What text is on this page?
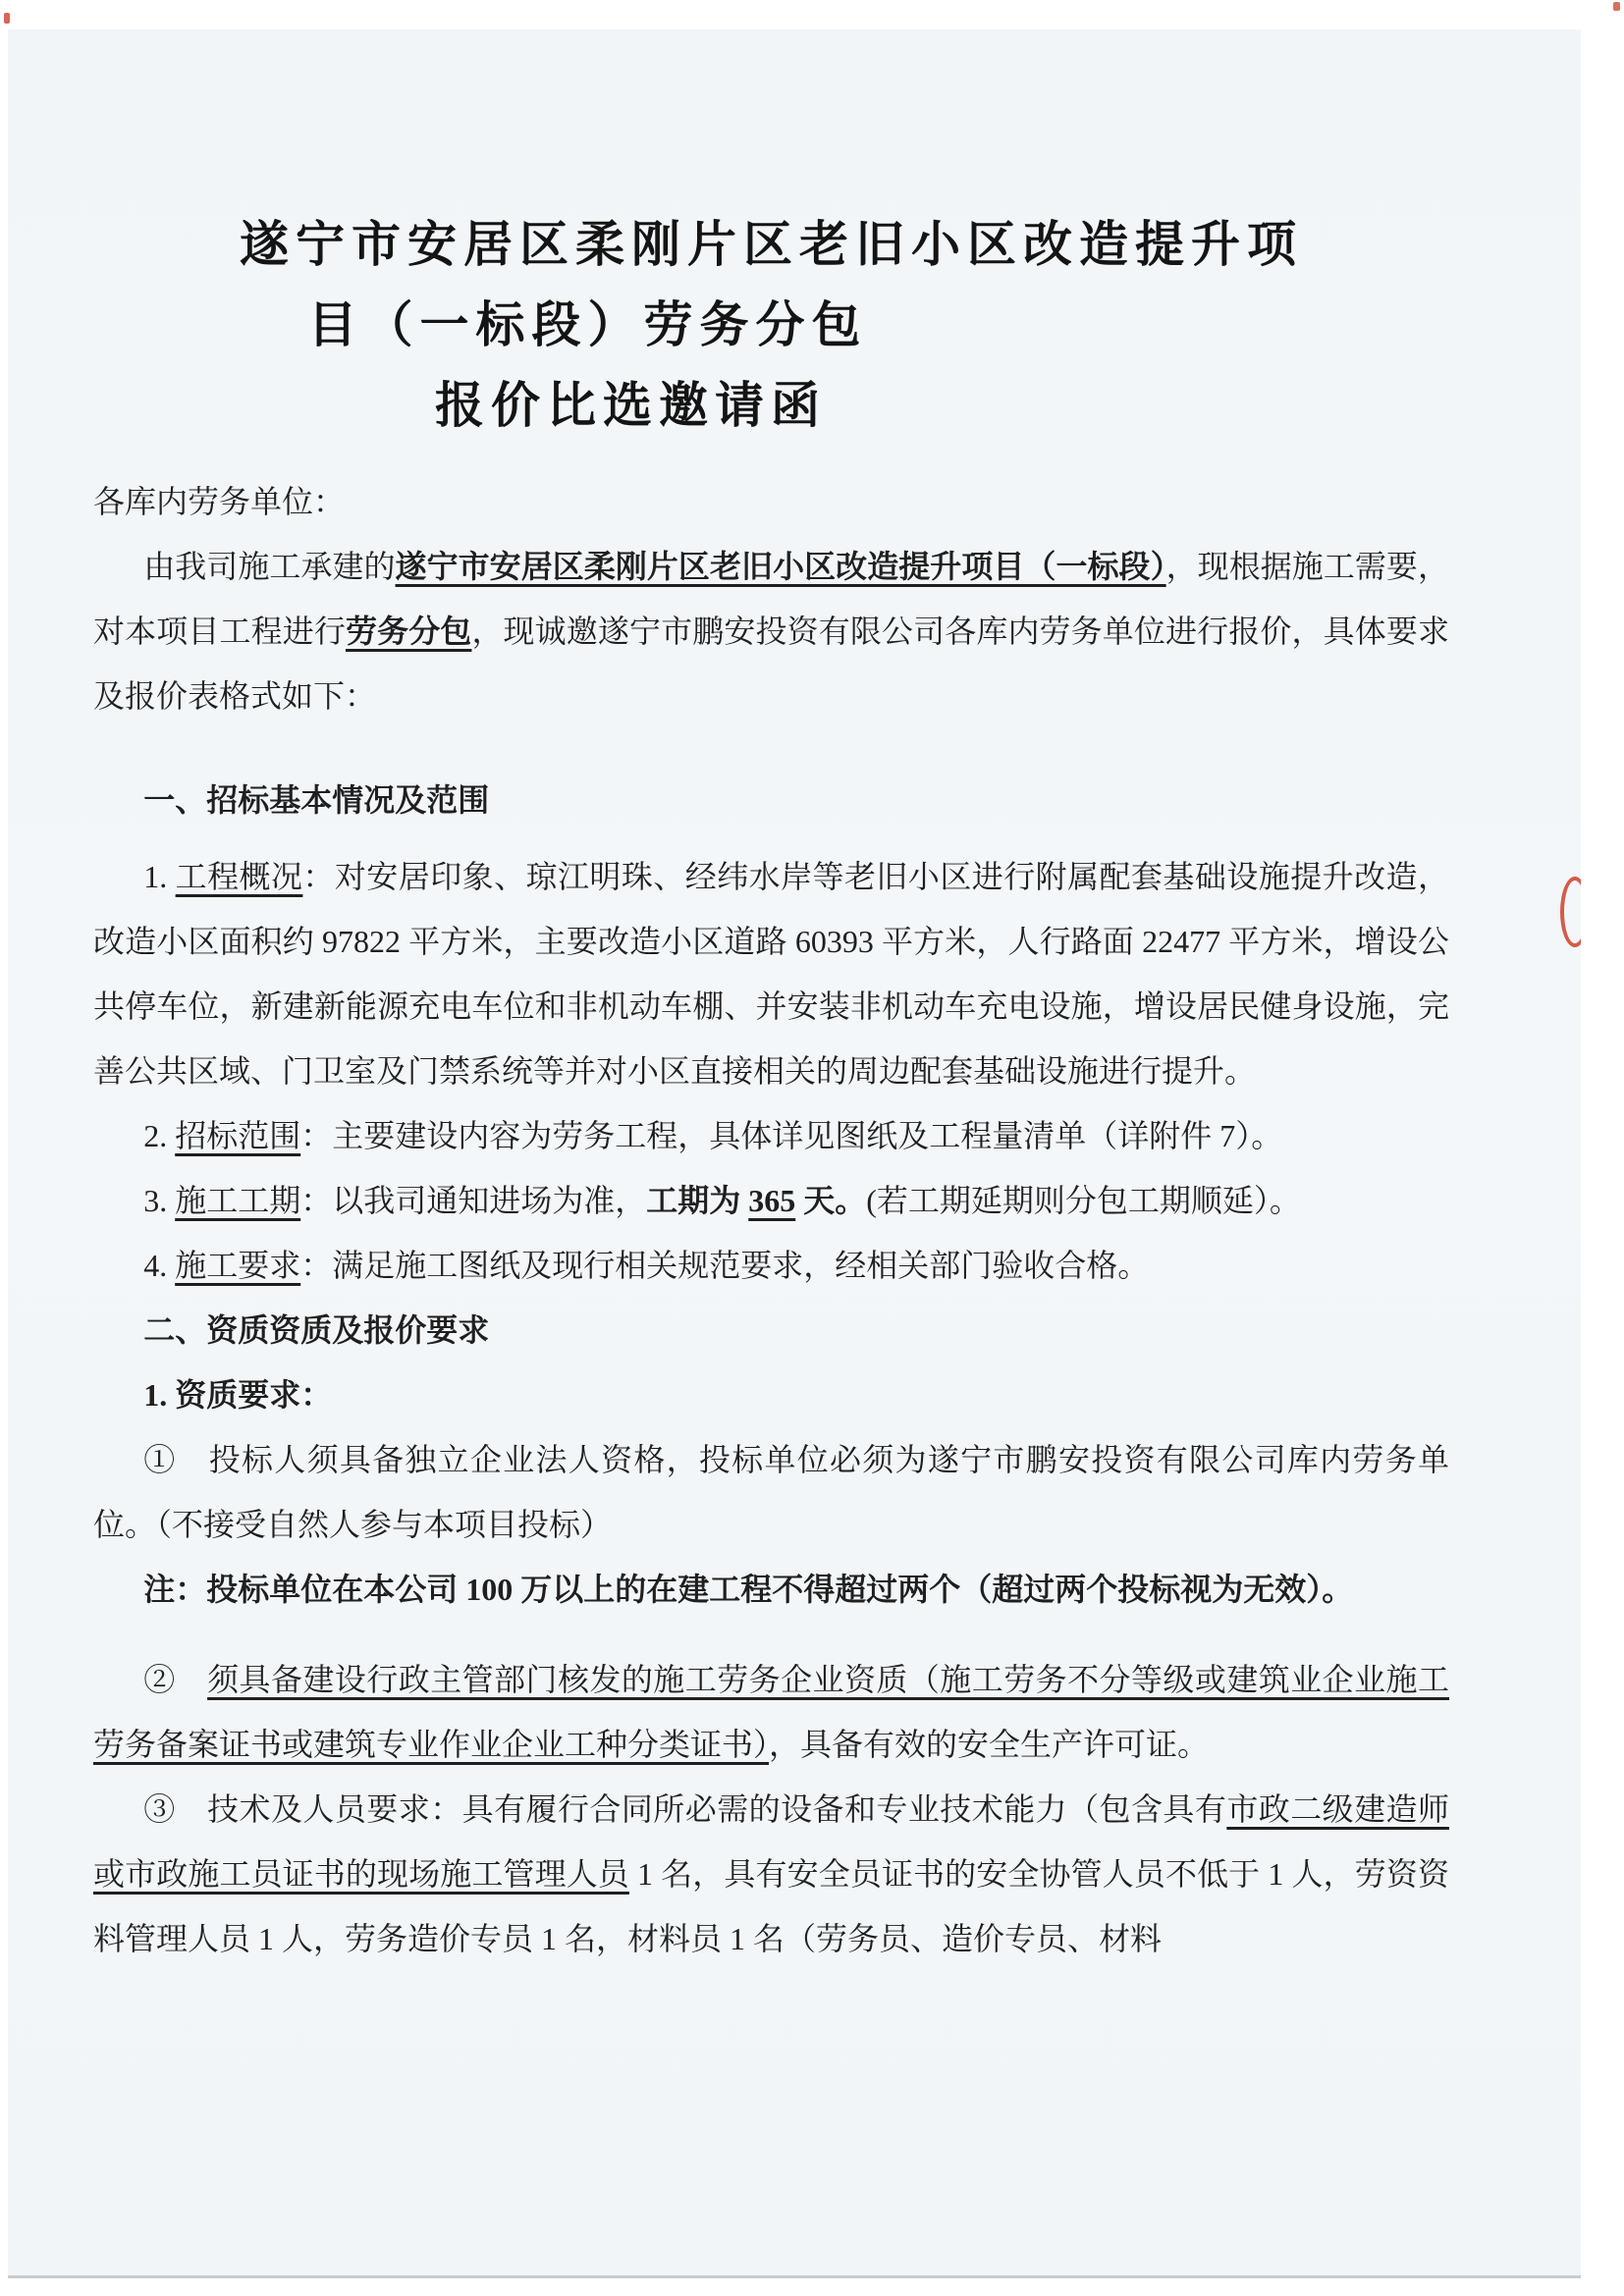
遂宁市安居区柔刚片区老旧小区改造提升项
目（一标段）劳务分包
报价比选邀请函

各库内劳务单位：

由我司施工承建的遂宁市安居区柔刚片区老旧小区改造提升项目（一标段），现根据施工需要，对本项目工程进行劳务分包，现诚邀遂宁市鹏安投资有限公司各库内劳务单位进行报价，具体要求及报价表格式如下：

一、招标基本情况及范围

1. 工程概况：对安居印象、琼江明珠、经纬水岸等老旧小区进行附属配套基础设施提升改造，改造小区面积约 97822 平方米，主要改造小区道路 60393 平方米，人行路面 22477 平方米，增设公共停车位，新建新能源充电车位和非机动车棚、并安装非机动车充电设施，增设居民健身设施，完善公共区域、门卫室及门禁系统等并对小区直接相关的周边配套基础设施进行提升。

2. 招标范围：主要建设内容为劳务工程，具体详见图纸及工程量清单（详附件 7）。

3. 施工工期：以我司通知进场为准，工期为 365 天。(若工期延期则分包工期顺延）。

4. 施工要求：满足施工图纸及现行相关规范要求，经相关部门验收合格。

二、资质资质及报价要求

1. 资质要求：

①　投标人须具备独立企业法人资格，投标单位必须为遂宁市鹏安投资有限公司库内劳务单位。（不接受自然人参与本项目投标）

注：投标单位在本公司 100 万以上的在建工程不得超过两个（超过两个投标视为无效）。

②　须具备建设行政主管部门核发的施工劳务企业资质（施工劳务不分等级或建筑业企业施工劳务备案证书或建筑专业作业企业工种分类证书），具备有效的安全生产许可证。

③　技术及人员要求：具有履行合同所必需的设备和专业技术能力（包含具有市政二级建造师或市政施工员证书的现场施工管理人员 1 名，具有安全员证书的安全协管人员不低于 1 人，劳资资料管理人员 1 人，劳务造价专员 1 名，材料员 1 名（劳务员、造价专员、材料
